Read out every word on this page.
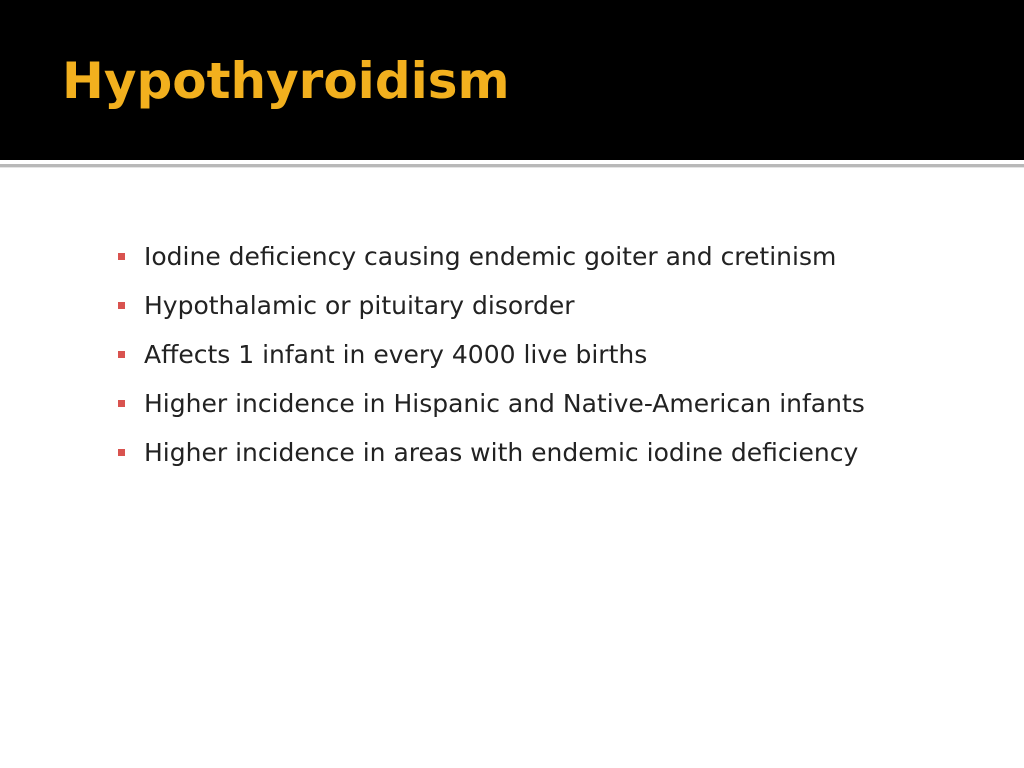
Hypothyroidism
Iodine deficiency causing endemic goiter and cretinism
Hypothalamic or pituitary disorder
Affects 1 infant in every 4000 live births
Higher incidence in Hispanic and Native-American infants
Higher incidence in areas with endemic iodine deficiency
